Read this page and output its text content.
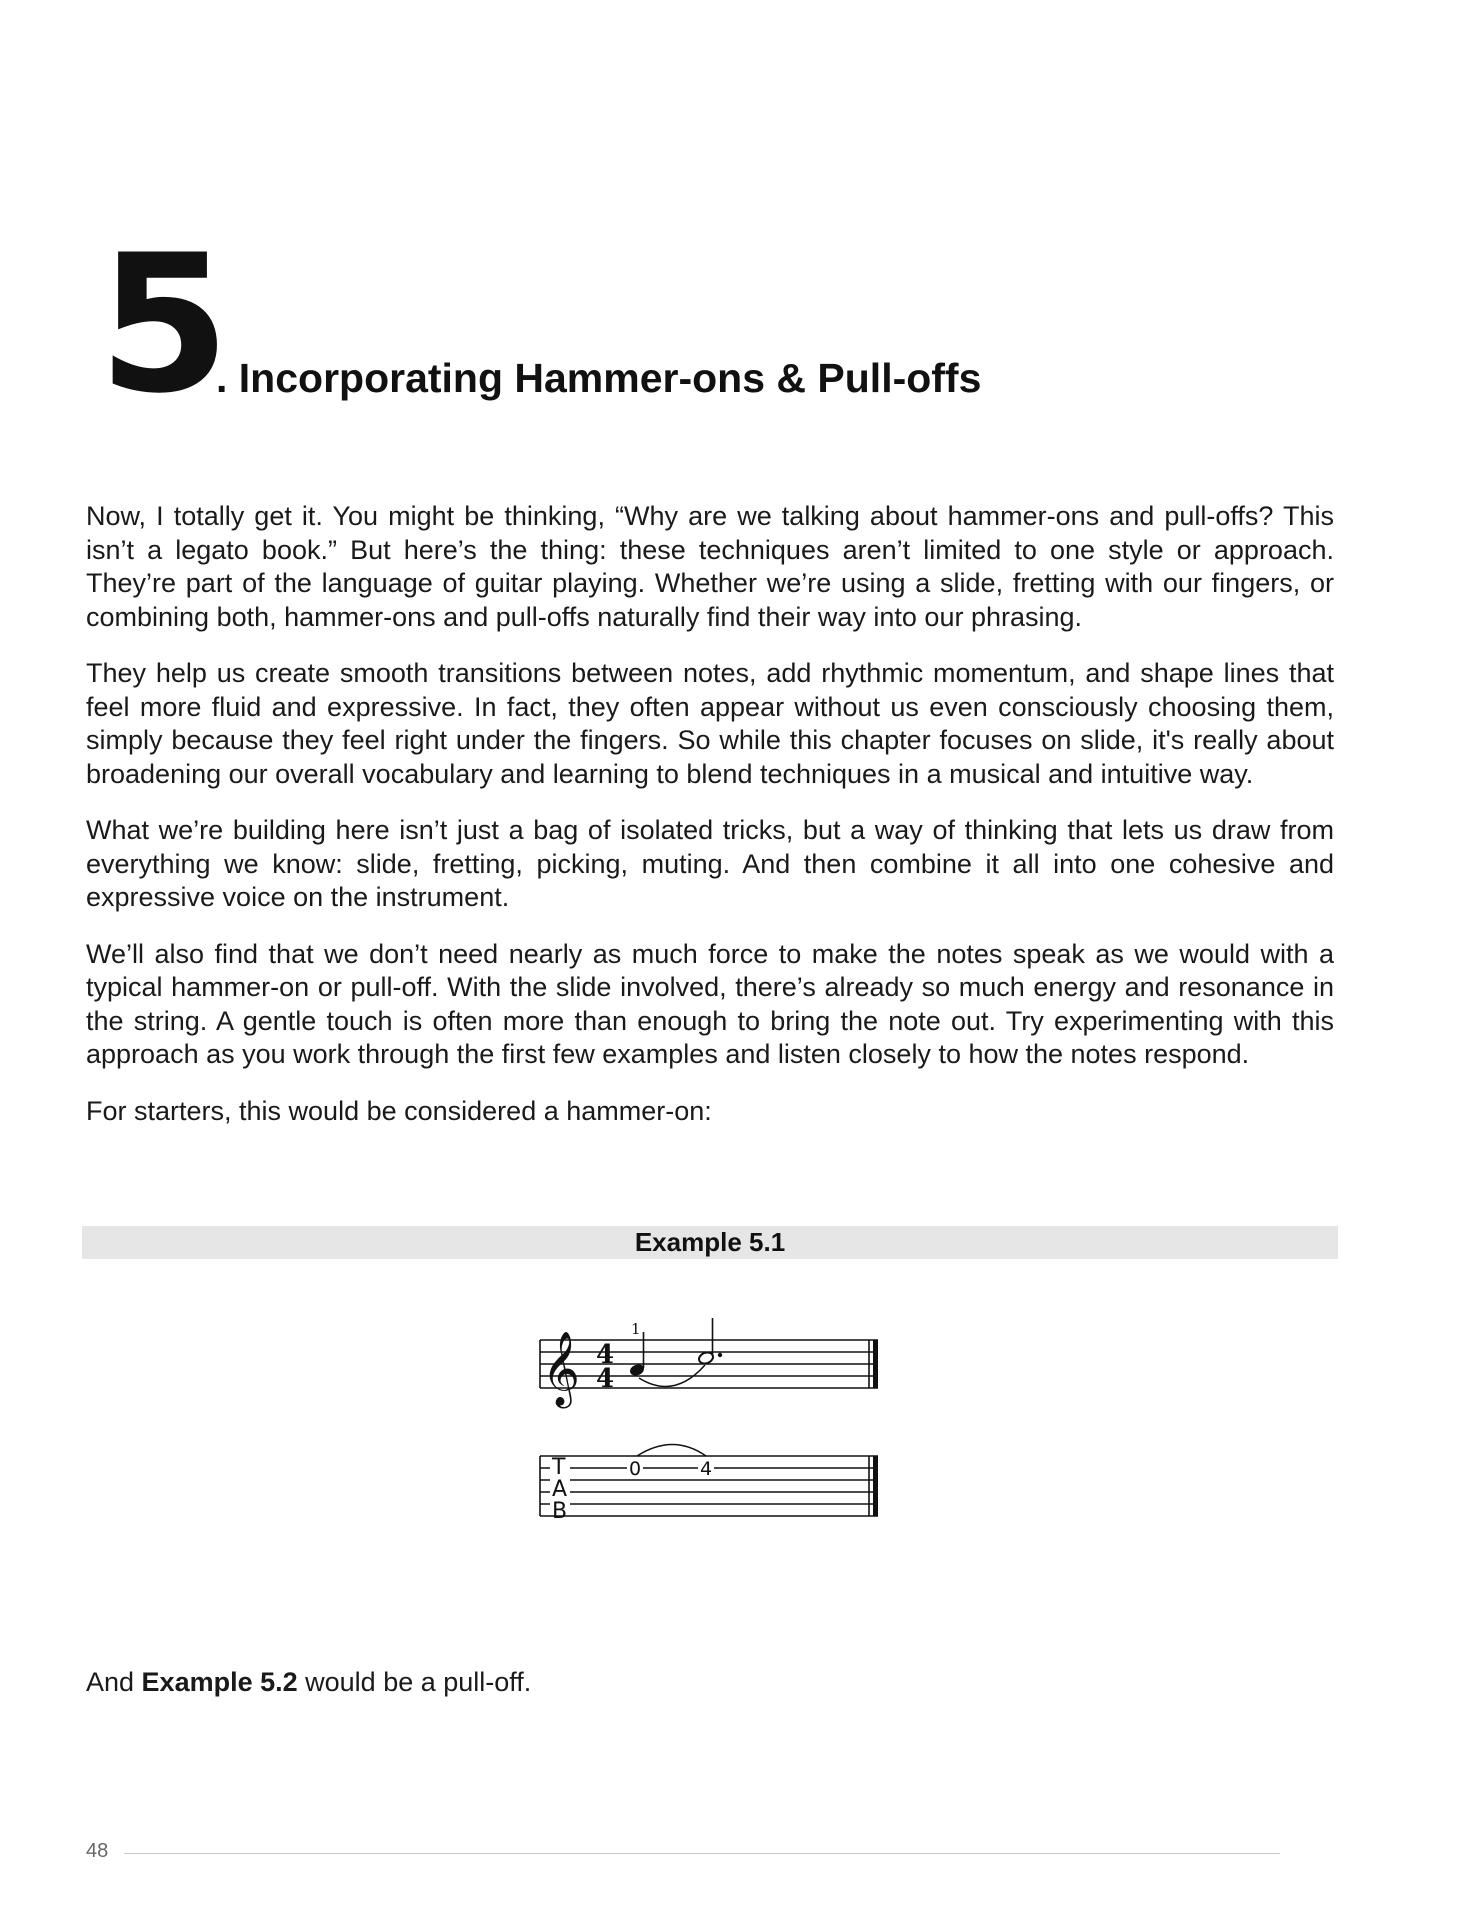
5
. Incorporating Hammer-ons & Pull-offs

Now, I totally get it. You might be thinking, “Why are we talking about hammer-ons and pull-offs? This isn’t a legato book.” But here’s the thing: these techniques aren’t limited to one style or approach. They’re part of the language of guitar playing. Whether we’re using a slide, fretting with our fingers, or combining both, hammer-ons and pull-offs naturally find their way into our phrasing.

They help us create smooth transitions between notes, add rhythmic momentum, and shape lines that feel more fluid and expressive. In fact, they often appear without us even consciously choosing them, simply because they feel right under the fingers. So while this chapter focuses on slide, it's really about broadening our overall vocabulary and learning to blend techniques in a musical and intuitive way.

What we’re building here isn’t just a bag of isolated tricks, but a way of thinking that lets us draw from everything we know: slide, fretting, picking, muting. And then combine it all into one cohesive and expressive voice on the instrument.

We’ll also find that we don’t need nearly as much force to make the notes speak as we would with a typical hammer-on or pull-off. With the slide involved, there’s already so much energy and resonance in the string. A gentle touch is often more than enough to bring the note out. Try experimenting with this approach as you work through the first few examples and listen closely to how the notes respond.

For starters, this would be considered a hammer-on:

Example 5.1
𝄞 4
4
1
T
A
B
0	4
And Example 5.2 would be a pull-off.
48
